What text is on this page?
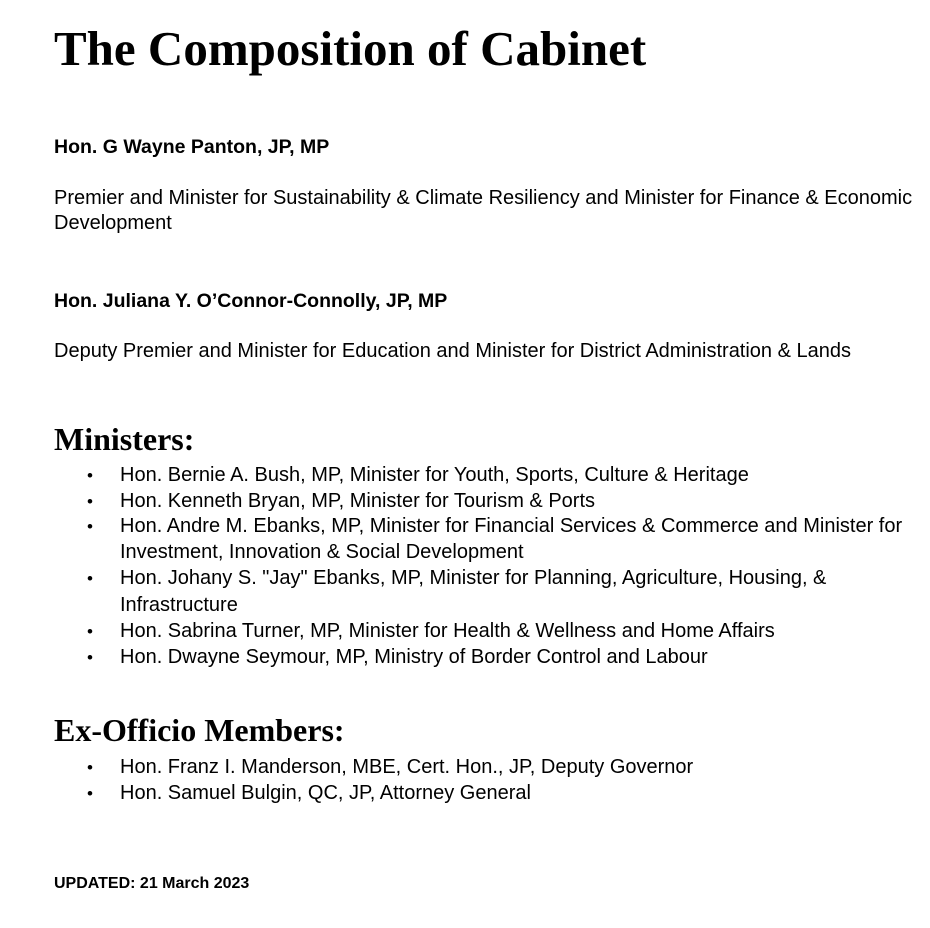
The Composition of Cabinet

Hon. G Wayne Panton, JP, MP

Premier and Minister for Sustainability & Climate Resiliency and Minister for Finance & Economic Development

Hon. Juliana Y. O’Connor-Connolly, JP, MP

Deputy Premier and Minister for Education and Minister for District Administration & Lands

Ministers:
• Hon. Bernie A. Bush, MP, Minister for Youth, Sports, Culture & Heritage
• Hon. Kenneth Bryan, MP, Minister for Tourism & Ports
• Hon. Andre M. Ebanks, MP, Minister for Financial Services & Commerce and Minister for Investment, Innovation & Social Development
• Hon. Johany S. "Jay" Ebanks, MP, Minister for Planning, Agriculture, Housing, & Infrastructure
• Hon. Sabrina Turner, MP, Minister for Health & Wellness and Home Affairs
• Hon. Dwayne Seymour, MP, Ministry of Border Control and Labour
Ex-Officio Members:
• Hon. Franz I. Manderson, MBE, Cert. Hon., JP, Deputy Governor
• Hon. Samuel Bulgin, QC, JP, Attorney General

UPDATED: 21 March 2023
